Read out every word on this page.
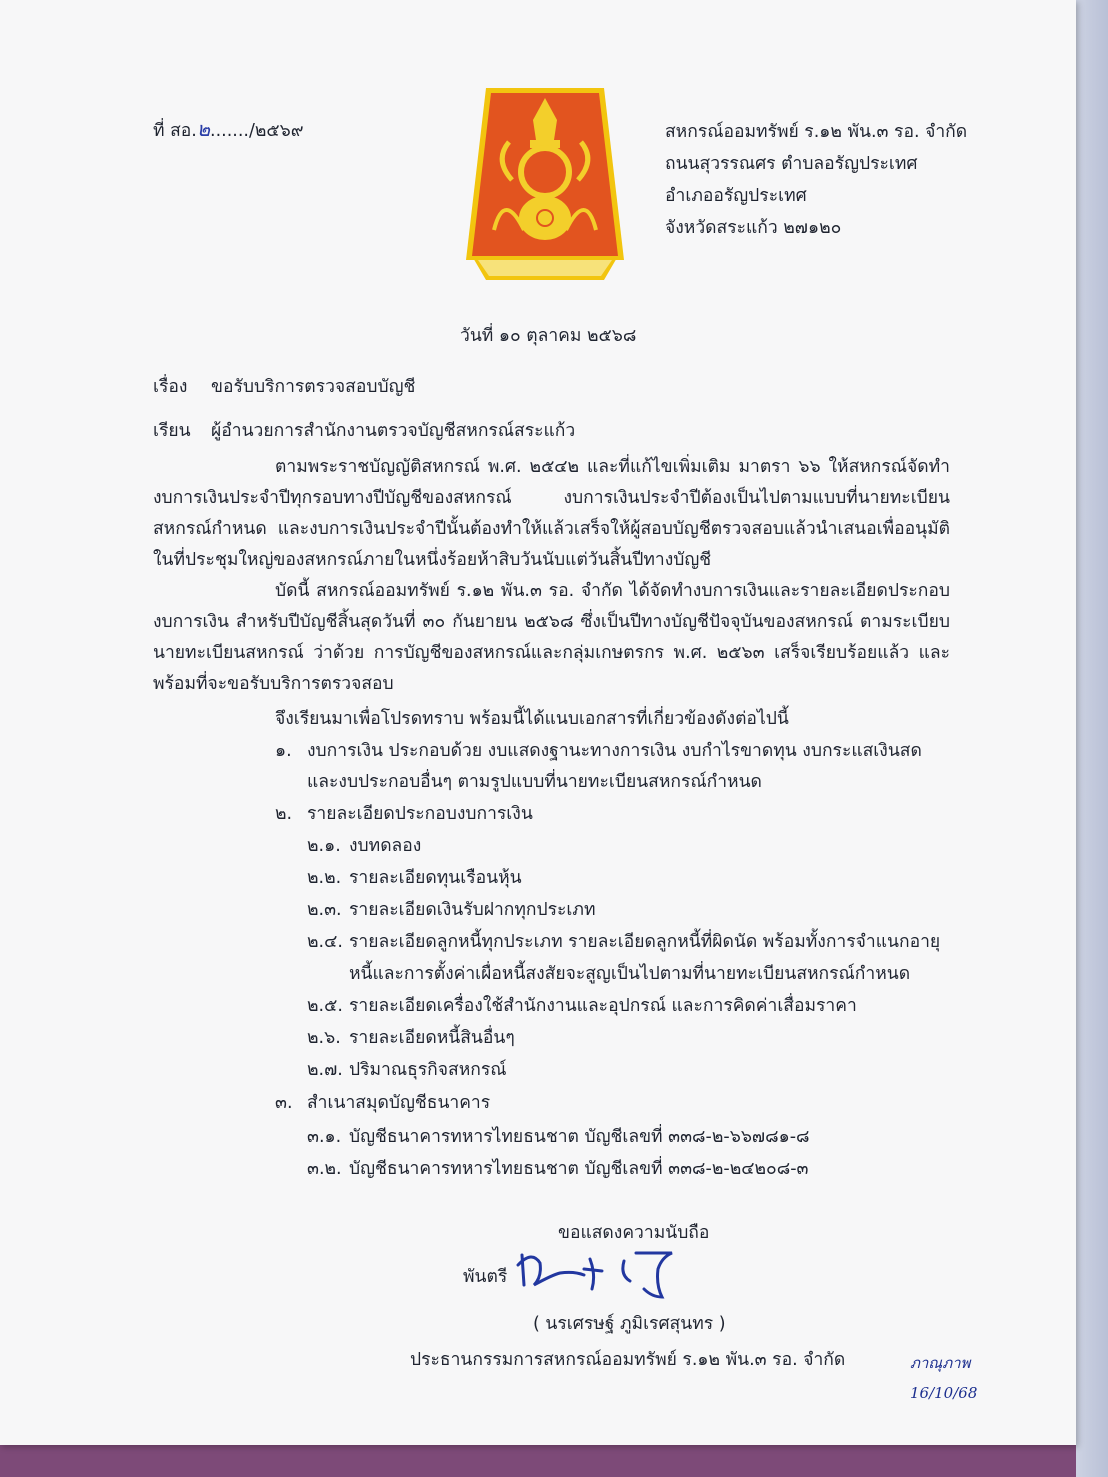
ที่ สอ.๒......./๒๕๖๙	สหกรณ์ออมทรัพย์ ร.๑๒ พัน.๓ รอ. จำกัด
ถนนสุวรรณศร ตำบลอรัญประเทศ
อำเภออรัญประเทศ
จังหวัดสระแก้ว ๒๗๑๒๐
วันที่ ๑๐ ตุลาคม ๒๕๖๘
เรื่อง ขอรับบริการตรวจสอบบัญชี
เรียน ผู้อำนวยการสำนักงานตรวจบัญชีสหกรณ์สระแก้ว
ตามพระราชบัญญัติสหกรณ์ พ.ศ. ๒๕๔๒ และที่แก้ไขเพิ่มเติม มาตรา ๖๖ ให้สหกรณ์จัดทำงบการเงินประจำปีทุกรอบทางปีบัญชีของสหกรณ์ งบการเงินประจำปีต้องเป็นไปตามแบบที่นายทะเบียนสหกรณ์กำหนด และงบการเงินประจำปีนั้นต้องทำให้แล้วเสร็จให้ผู้สอบบัญชีตรวจสอบแล้วนำเสนอเพื่ออนุมัติในที่ประชุมใหญ่ของสหกรณ์ภายในหนึ่งร้อยห้าสิบวันนับแต่วันสิ้นปีทางบัญชี
บัดนี้ สหกรณ์ออมทรัพย์ ร.๑๒ พัน.๓ รอ. จำกัด ได้จัดทำงบการเงินและรายละเอียดประกอบงบการเงิน สำหรับปีบัญชีสิ้นสุดวันที่ ๓๐ กันยายน ๒๕๖๘ ซึ่งเป็นปีทางบัญชีปัจจุบันของสหกรณ์ ตามระเบียบนายทะเบียนสหกรณ์ ว่าด้วย การบัญชีของสหกรณ์และกลุ่มเกษตรกร พ.ศ. ๒๕๖๓ เสร็จเรียบร้อยแล้ว และพร้อมที่จะขอรับบริการตรวจสอบ
จึงเรียนมาเพื่อโปรดทราบ พร้อมนี้ได้แนบเอกสารที่เกี่ยวข้องดังต่อไปนี้
๑. งบการเงิน ประกอบด้วย งบแสดงฐานะทางการเงิน งบกำไรขาดทุน งบกระแสเงินสด
และงบประกอบอื่นๆ ตามรูปแบบที่นายทะเบียนสหกรณ์กำหนด
๒. รายละเอียดประกอบงบการเงิน
๒.๑. งบทดลอง
๒.๒. รายละเอียดทุนเรือนหุ้น
๒.๓. รายละเอียดเงินรับฝากทุกประเภท
๒.๔. รายละเอียดลูกหนี้ทุกประเภท รายละเอียดลูกหนี้ที่ผิดนัด พร้อมทั้งการจำแนกอายุ
หนี้และการตั้งค่าเผื่อหนี้สงสัยจะสูญเป็นไปตามที่นายทะเบียนสหกรณ์กำหนด
๒.๕. รายละเอียดเครื่องใช้สำนักงานและอุปกรณ์ และการคิดค่าเสื่อมราคา
๒.๖. รายละเอียดหนี้สินอื่นๆ
๒.๗. ปริมาณธุรกิจสหกรณ์
๓. สำเนาสมุดบัญชีธนาคาร
๓.๑. บัญชีธนาคารทหารไทยธนชาต บัญชีเลขที่ ๓๓๘-๒-๖๖๗๘๑-๘
๓.๒. บัญชีธนาคารทหารไทยธนชาต บัญชีเลขที่ ๓๓๘-๒-๒๔๒๐๘-๓
ขอแสดงความนับถือ
พันตรี
( นรเศรษฐ์ ภูมิเรศสุนทร )
ประธานกรรมการสหกรณ์ออมทรัพย์ ร.๑๒ พัน.๓ รอ. จำกัด	ภาณุภาพ
16/10/68
